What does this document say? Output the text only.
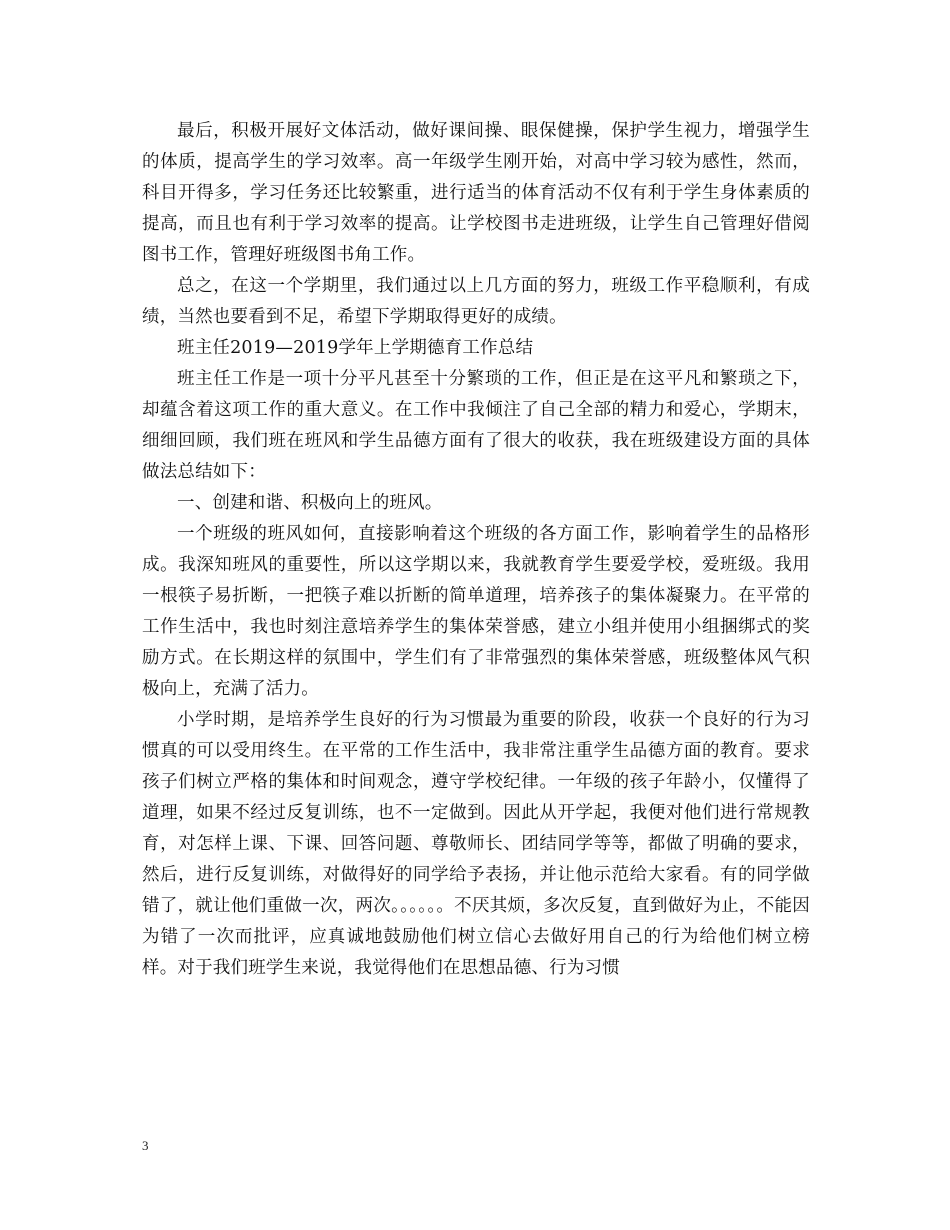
最后，积极开展好文体活动，做好课间操、眼保健操，保护学生视力，增强学生的体质，提高学生的学习效率。高一年级学生刚开始，对高中学习较为感性，然而，科目开得多，学习任务还比较繁重，进行适当的体育活动不仅有利于学生身体素质的提高，而且也有利于学习效率的提高。让学校图书走进班级，让学生自己管理好借阅图书工作，管理好班级图书角工作。

总之，在这一个学期里，我们通过以上几方面的努力，班级工作平稳顺利，有成绩，当然也要看到不足，希望下学期取得更好的成绩。

班主任2019—2019学年上学期德育工作总结

班主任工作是一项十分平凡甚至十分繁琐的工作，但正是在这平凡和繁琐之下，却蕴含着这项工作的重大意义。在工作中我倾注了自己全部的精力和爱心，学期末，细细回顾，我们班在班风和学生品德方面有了很大的收获，我在班级建设方面的具体做法总结如下：

一、创建和谐、积极向上的班风。

一个班级的班风如何，直接影响着这个班级的各方面工作，影响着学生的品格形成。我深知班风的重要性，所以这学期以来，我就教育学生要爱学校，爱班级。我用一根筷子易折断，一把筷子难以折断的简单道理，培养孩子的集体凝聚力。在平常的工作生活中，我也时刻注意培养学生的集体荣誉感，建立小组并使用小组捆绑式的奖励方式。在长期这样的氛围中，学生们有了非常强烈的集体荣誉感，班级整体风气积极向上，充满了活力。

小学时期，是培养学生良好的行为习惯最为重要的阶段，收获一个良好的行为习惯真的可以受用终生。在平常的工作生活中，我非常注重学生品德方面的教育。要求孩子们树立严格的集体和时间观念，遵守学校纪律。一年级的孩子年龄小，仅懂得了道理，如果不经过反复训练，也不一定做到。因此从开学起，我便对他们进行常规教育，对怎样上课、下课、回答问题、尊敬师长、团结同学等等，都做了明确的要求，然后，进行反复训练，对做得好的同学给予表扬，并让他示范给大家看。有的同学做错了，就让他们重做一次，两次。。。。。。不厌其烦，多次反复，直到做好为止，不能因为错了一次而批评，应真诚地鼓励他们树立信心去做好用自己的行为给他们树立榜样。对于我们班学生来说，我觉得他们在思想品德、行为习惯

3
